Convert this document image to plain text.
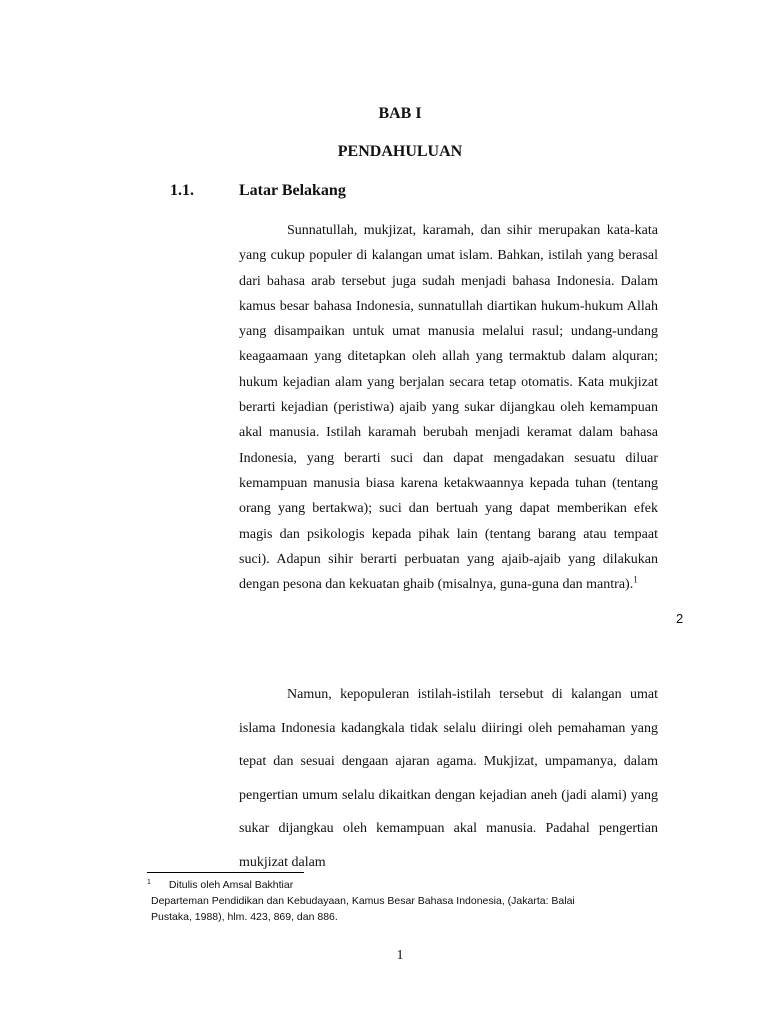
BAB I
PENDAHULUAN
1.1.	Latar Belakang

Sunnatullah, mukjizat, karamah, dan sihir merupakan kata-kata yang cukup populer di kalangan umat islam. Bahkan, istilah yang berasal dari bahasa arab tersebut juga sudah menjadi bahasa Indonesia. Dalam kamus besar bahasa Indonesia, sunnatullah diartikan hukum-hukum Allah yang disampaikan untuk umat manusia melalui rasul; undang-undang keagaamaan yang ditetapkan oleh allah yang termaktub dalam alquran; hukum kejadian alam yang berjalan secara tetap otomatis. Kata mukjizat berarti kejadian (peristiwa) ajaib yang sukar dijangkau oleh kemampuan akal manusia. Istilah karamah berubah menjadi keramat dalam bahasa Indonesia, yang berarti suci dan dapat mengadakan sesuatu diluar kemampuan manusia biasa karena ketakwaannya kepada tuhan (tentang orang yang bertakwa); suci dan bertuah yang dapat memberikan efek magis dan psikologis kepada pihak lain (tentang barang atau tempaat suci). Adapun sihir berarti perbuatan yang ajaib-ajaib yang dilakukan dengan pesona dan kekuatan ghaib (misalnya, guna-guna dan mantra).$^1$

2

Namun, kepopuleran istilah-istilah tersebut di kalangan umat islama Indonesia kadangkala tidak selalu diiringi oleh pemahaman yang tepat dan sesuai dengaan ajaran agama. Mukjizat, umpamanya, dalam pengertian umum selalu dikaitkan dengan kejadian aneh (jadi alami) yang sukar dijangkau oleh kemampuan akal manusia. Padahal pengertian mukjizat dalam

$^1$ Ditulis oleh Amsal Bakhtiar
Departeman Pendidikan dan Kebudayaan, Kamus Besar Bahasa Indonesia, (Jakarta: Balai Pustaka, 1988), hlm. 423, 869, dan 886.
1
